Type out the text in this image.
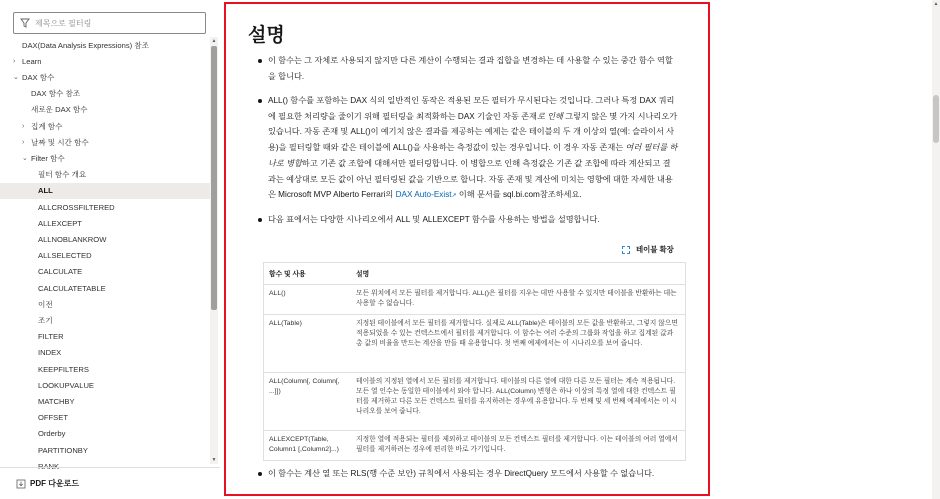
제목으로 필터링
DAX(Data Analysis Expressions) 참조
› Learn
⌄ DAX 함수
DAX 함수 참조
새로운 DAX 함수
› 집계 함수
› 날짜 및 시간 함수
⌄ Filter 함수
필터 함수 개요
ALL
ALLCROSSFILTERED
ALLEXCEPT
ALLNOBLANKROW
ALLSELECTED
CALCULATE
CALCULATETABLE
이전
조기
FILTER
INDEX
KEEPFILTERS
LOOKUPVALUE
MATCHBY
OFFSET
Orderby
PARTITIONBY
RANK
▲
▼
PDF 다운로드
설명
이 함수는 그 자체로 사용되지 않지만 다른 계산이 수행되는 결과 집합을 변경하는 데 사용할 수 있는 중간 함수 역할을 합니다.
ALL() 함수를 포함하는 DAX 식의 일반적인 동작은 적용된 모든 필터가 무시된다는 것입니다. 그러나 특정 DAX 쿼리에 필요한 처리량을 줄이기 위해 필터링을 최적화하는 DAX 기술인 자동 존재로 인해 그렇지 않은 몇 가지 시나리오가 있습니다. 자동 존재 및 ALL()이 예기치 않은 결과를 제공하는 예제는 같은 테이블의 두 개 이상의 열(예: 슬라이서 사용)을 필터링할 때와 같은 테이블에 ALL()을 사용하는 측정값이 있는 경우입니다. 이 경우 자동 존재는 여러 필터를 하나로 병합하고 기존 값 조합에 대해서만 필터링합니다. 이 병합으로 인해 측정값은 기존 값 조합에 따라 계산되고 결과는 예상대로 모든 값이 아닌 필터링된 값을 기반으로 합니다. 자동 존재 및 계산에 미치는 영향에 대한 자세한 내용은 Microsoft MVP Alberto Ferrari의 DAX Auto-Exist↗ 이해 문서를 sql.bi.com참조하세요.
다음 표에서는 다양한 시나리오에서 ALL 및 ALLEXCEPT 함수를 사용하는 방법을 설명합니다.
테이블 확장
함수 및 사용	설명
ALL()	모든 위치에서 모든 필터를 제거합니다. ALL()은 필터를 지우는 데만 사용할 수 있지만 테이블을 반환하는 데는 사용할 수 없습니다.
ALL(Table)	지정된 테이블에서 모든 필터를 제거합니다. 실제로 ALL(Table)은 테이블의 모든 값을 반환하고, 그렇지 않으면 적용되었을 수 있는 컨텍스트에서 필터를 제거합니다. 이 함수는 여러 수준의 그룹화 작업을 하고 집계된 값과 총 값의 비율을 만드는 계산을 만들 때 유용합니다. 첫 번째 예제에서는 이 시나리오를 보여 줍니다.
ALL(Column[, Column[, ...]])	테이블의 지정된 열에서 모든 필터를 제거합니다. 테이블의 다른 열에 대한 다른 모든 필터는 계속 적용됩니다. 모든 열 인수는 동일한 테이블에서 와야 합니다. ALL(Column) 변형은 하나 이상의 특정 열에 대한 컨텍스트 필터를 제거하고 다른 모든 컨텍스트 필터를 유지하려는 경우에 유용합니다. 두 번째 및 세 번째 예제에서는 이 시나리오를 보여 줍니다.
ALLEXCEPT(Table, Column1 [,Column2]...)	지정한 열에 적용되는 필터를 제외하고 테이블의 모든 컨텍스트 필터를 제거합니다. 이는 테이블의 여러 열에서 필터를 제거하려는 경우에 편리한 바로 가기입니다.
이 함수는 계산 열 또는 RLS(행 수준 보안) 규칙에서 사용되는 경우 DirectQuery 모드에서 사용할 수 없습니다.
▲
